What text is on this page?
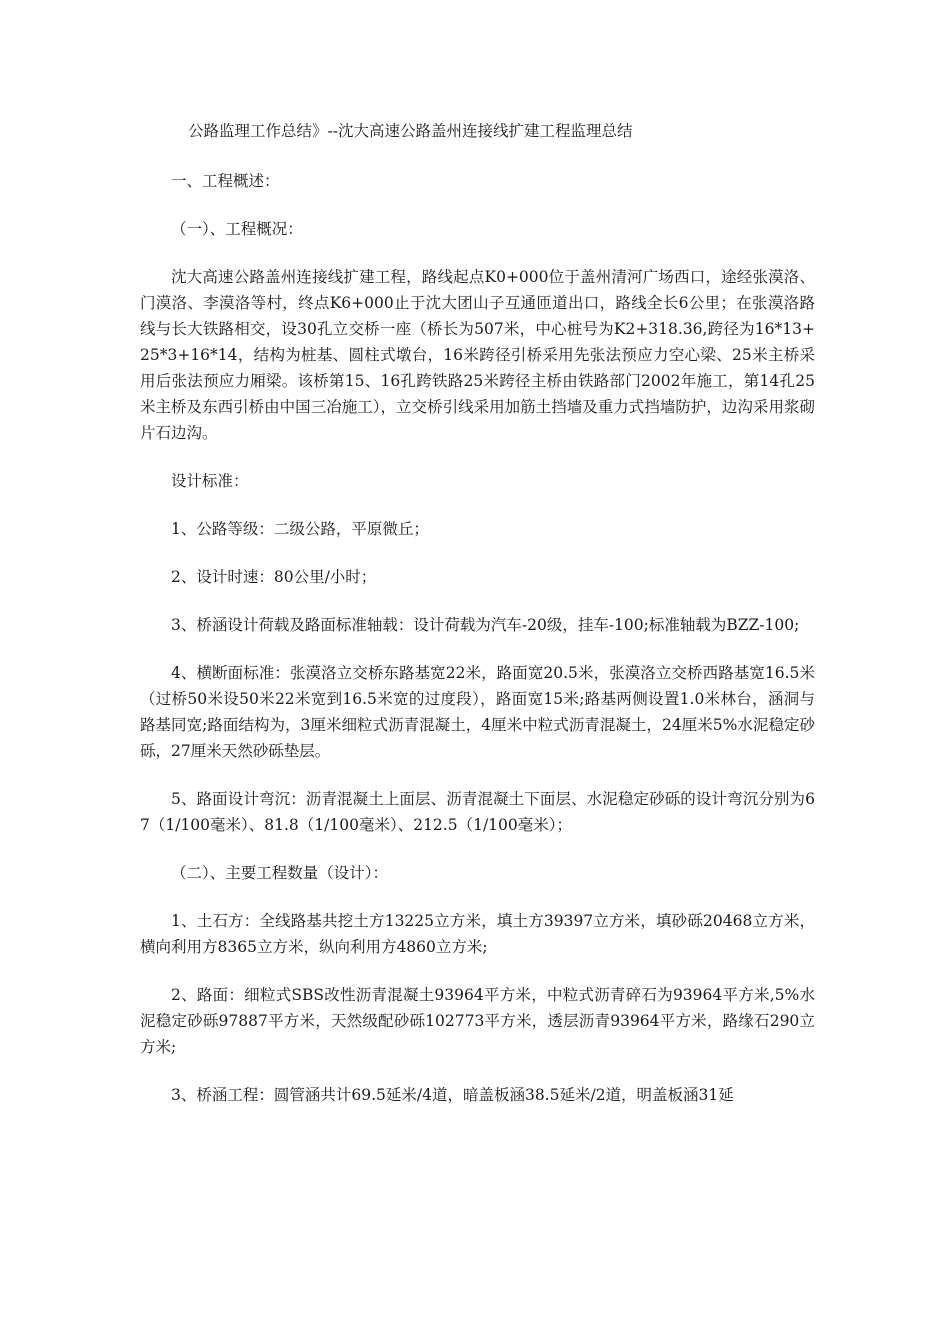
公路监理工作总结》--沈大高速公路盖州连接线扩建工程监理总结

一、工程概述：

（一）、工程概况：

沈大高速公路盖州连接线扩建工程，路线起点K0+000位于盖州清河广场西口，途经张漠洛、门漠洛、李漠洛等村，终点K6+000止于沈大团山子互通匝道出口，路线全长6公里；在张漠洛路线与长大铁路相交，设30孔立交桥一座（桥长为507米，中心桩号为K2+318.36,跨径为16*13+25*3+16*14，结构为桩基、圆柱式墩台，16米跨径引桥采用先张法预应力空心梁、25米主桥采用后张法预应力厢梁。该桥第15、16孔跨铁路25米跨径主桥由铁路部门2002年施工，第14孔25米主桥及东西引桥由中国三冶施工），立交桥引线采用加筋土挡墙及重力式挡墙防护，边沟采用浆砌片石边沟。

设计标准：

1、公路等级：二级公路，平原微丘；

2、设计时速：80公里/小时；

3、桥涵设计荷载及路面标准轴载：设计荷载为汽车-20级，挂车-100;标准轴载为BZZ-100;

4、横断面标准：张漠洛立交桥东路基宽22米，路面宽20.5米，张漠洛立交桥西路基宽16.5米（过桥50米设50米22米宽到16.5米宽的过度段），路面宽15米;路基两侧设置1.0米林台，涵洞与路基同宽;路面结构为，3厘米细粒式沥青混凝土，4厘米中粒式沥青混凝土，24厘米5%水泥稳定砂砾，27厘米天然砂砾垫层。

5、路面设计弯沉：沥青混凝土上面层、沥青混凝土下面层、水泥稳定砂砾的设计弯沉分别为67（1/100毫米）、81.8（1/100毫米）、212.5（1/100毫米）；

（二）、主要工程数量（设计）：

1、土石方：全线路基共挖土方13225立方米，填土方39397立方米，填砂砾20468立方米，横向利用方8365立方米，纵向利用方4860立方米;

2、路面：细粒式SBS改性沥青混凝土93964平方米，中粒式沥青碎石为93964平方米,5%水泥稳定砂砾97887平方米，天然级配砂砾102773平方米，透层沥青93964平方米，路缘石290立方米;

3、桥涵工程：圆管涵共计69.5延米/4道，暗盖板涵38.5延米/2道，明盖板涵31延
